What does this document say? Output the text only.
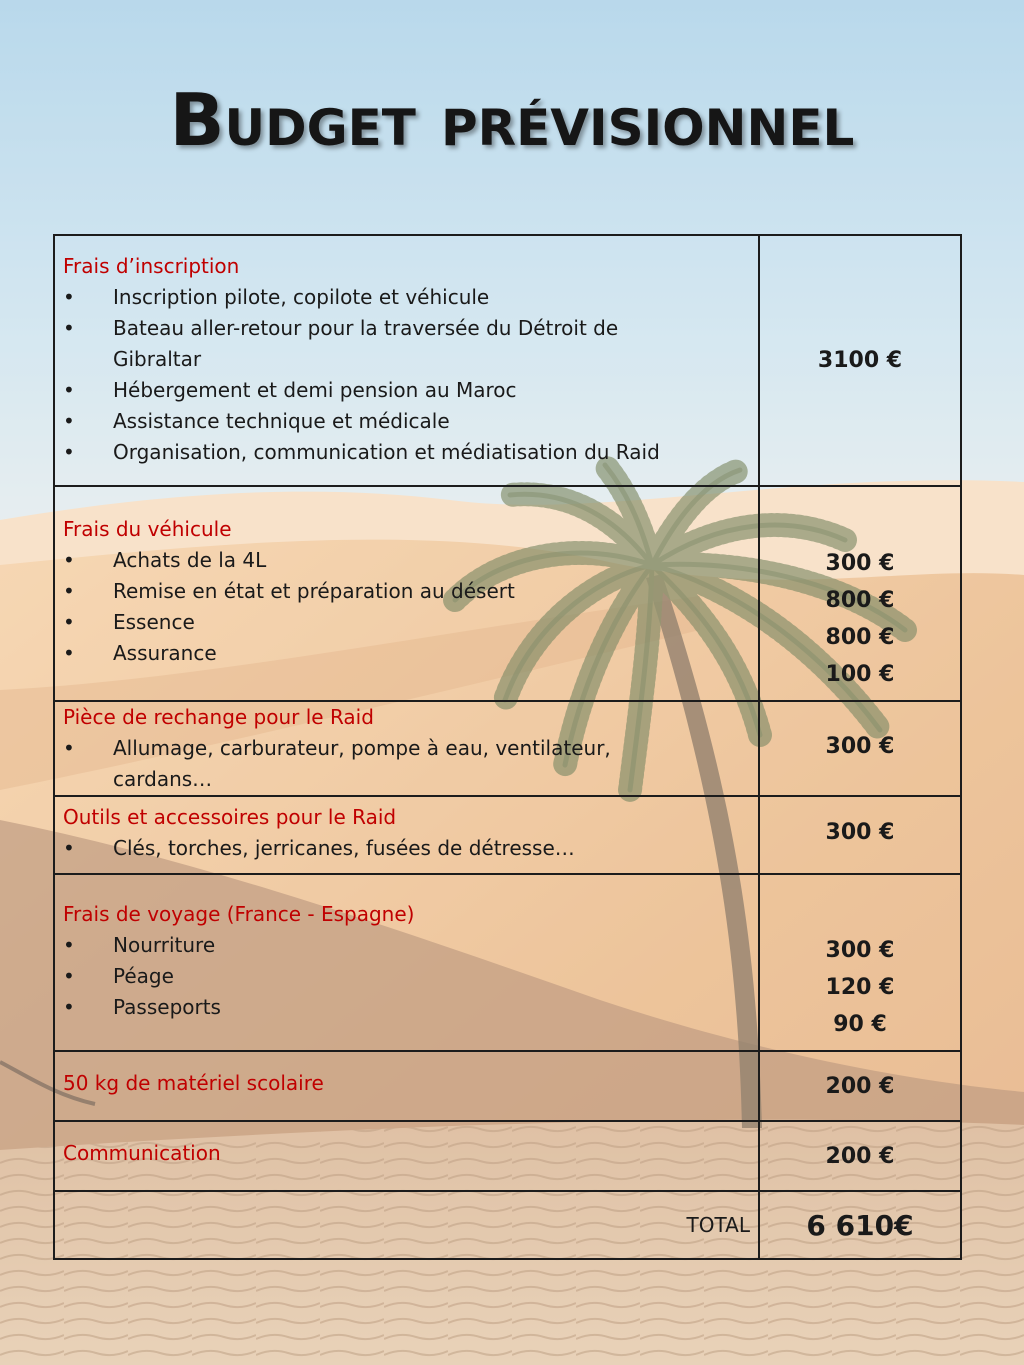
Budget prévisionnel
Frais d’inscription
• Inscription pilote, copilote et véhicule
• Bateau aller-retour pour la traversée du Détroit de Gibraltar
• Hébergement et demi pension au Maroc
• Assistance technique et médicale
• Organisation, communication et médiatisation du Raid
3100 €
Frais du véhicule
• Achats de la 4L
• Remise en état et préparation au désert
• Essence
• Assurance
300 €
800 €
800 €
100 €
Pièce de rechange pour le Raid
• Allumage, carburateur, pompe à eau, ventilateur, cardans…
300 €
Outils et accessoires pour le Raid
• Clés, torches, jerricanes, fusées de détresse…
300 €
Frais de voyage (France - Espagne)
• Nourriture
• Péage
• Passeports
300 €
120 €
90 €
50 kg de matériel scolaire	200 €
Communication	200 €
TOTAL 6 610€
